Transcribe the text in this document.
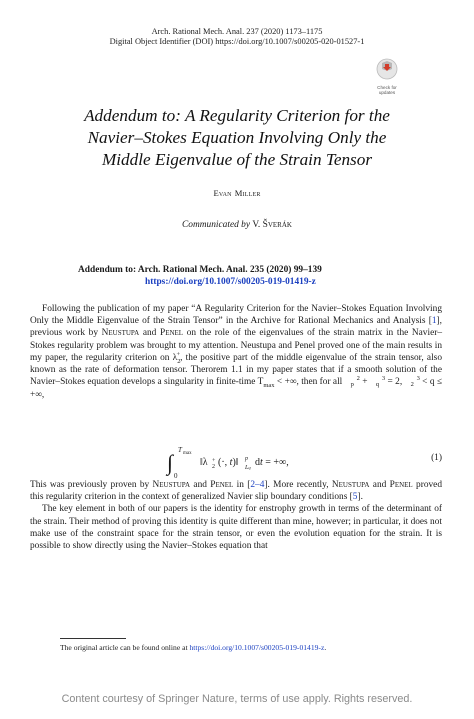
Arch. Rational Mech. Anal. 237 (2020) 1173–1175
Digital Object Identifier (DOI) https://doi.org/10.1007/s00205-020-01527-1
Check for updates
Addendum to: A Regularity Criterion for the
Navier–Stokes Equation Involving Only the
Middle Eigenvalue of the Strain Tensor
Evan Miller
Communicated by V. Šverák
Addendum to: Arch. Rational Mech. Anal. 235 (2020) 99–139
https://doi.org/10.1007/s00205-019-01419-z

Following the publication of my paper “A Regularity Criterion for the Navier–Stokes Equation Involving Only the Middle Eigenvalue of the Strain Tensor” in the Archive for Rational Mechanics and Analysis [1], previous work by Neustupa and Penel on the role of the eigenvalues of the strain matrix in the Navier–Stokes regularity problem was brought to my attention. Neustupa and Penel proved one of the main results in my paper, the regularity criterion on $\lambda_2^+$, the positive part of the middle eigenvalue of the strain tensor, also known as the rate of deformation tensor. Therorem 1.1 in my paper states that if a smooth solution of the Navier–Stokes equation develops a singularity in finite-time $T_{max}$ < +∞, then for all 2
p + 3
q = 2, 3
2 < q ≤ +∞,

∫ T max
0
‖λ +
2 (·, t)‖ p
Lq dt = +∞,	(1)

This was previously proven by Neustupa and Penel in [2–4]. More recently, Neustupa and Penel proved this regularity criterion in the context of generalized Navier slip boundary conditions [5].

The key element in both of our papers is the identity for enstrophy growth in terms of the determinant of the strain. Their method of proving this identity is quite different than mine, however; in particular, it does not make use of the constraint space for the strain tensor, or even the evolution equation for the strain. It is possible to show directly using the Navier–Stokes equation that

The original article can be found online at https://doi.org/10.1007/s00205-019-01419-z.
Content courtesy of Springer Nature, terms of use apply. Rights reserved.
